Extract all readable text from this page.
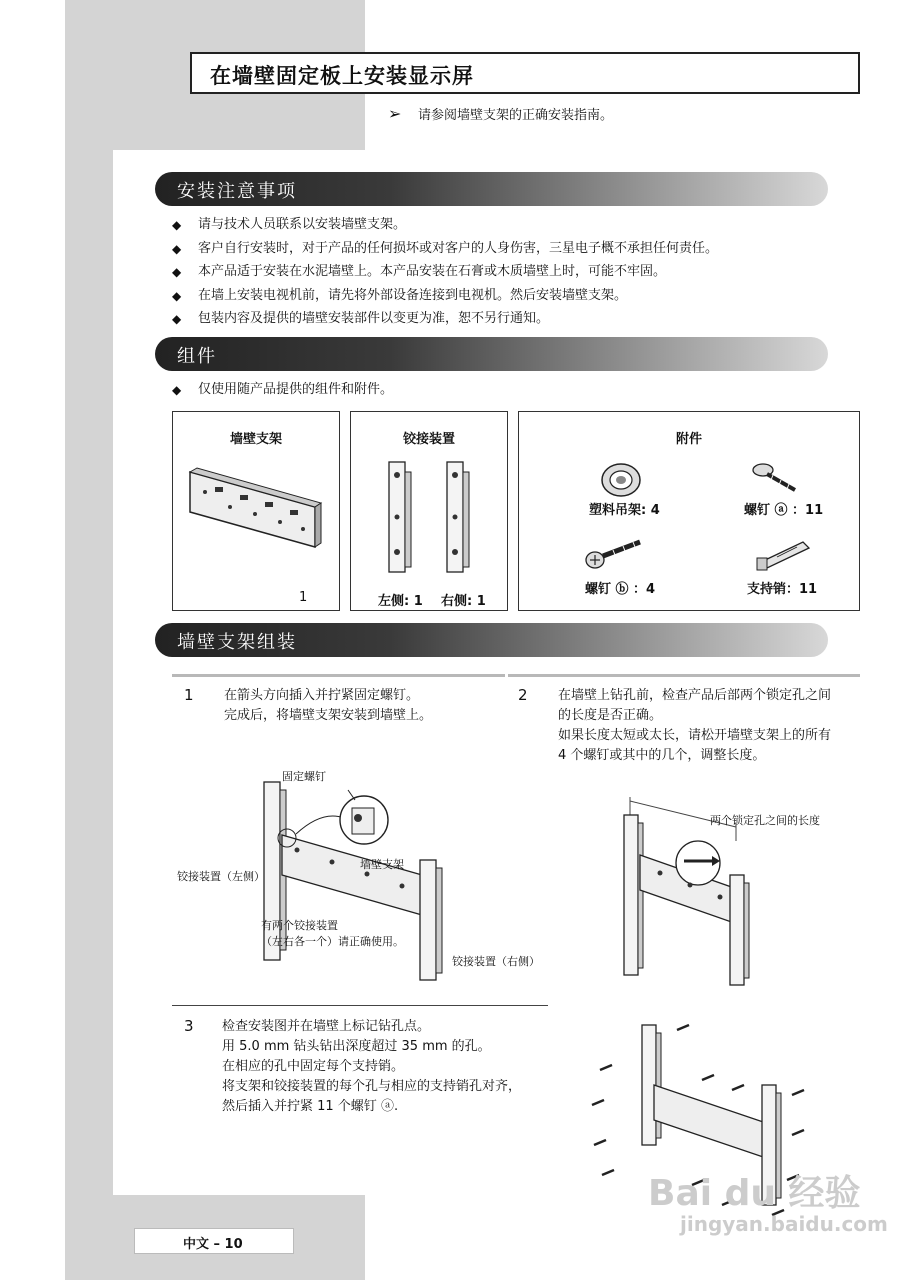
在墙壁固定板上安装显示屏
➢ 请参阅墙壁支架的正确安装指南。
安装注意事项
◆ 请与技术人员联系以安装墙壁支架。
◆ 客户自行安装时，对于产品的任何损坏或对客户的人身伤害，三星电子概不承担任何责任。
◆ 本产品适于安装在水泥墙壁上。本产品安装在石膏或木质墙壁上时，可能不牢固。
◆ 在墙上安装电视机前，请先将外部设备连接到电视机。然后安装墙壁支架。
◆ 包装内容及提供的墙壁安装部件以变更为准，恕不另行通知。
组件
◆ 仅使用随产品提供的组件和附件。
墙壁支架
1
铰接装置
左侧: 1 右侧: 1
附件
塑料吊架: 4	螺钉 ⓐ ：11
螺钉 ⓑ ：4	支持销：11
墙壁支架组装
1 在箭头方向插入并拧紧固定螺钉。
完成后，将墙壁支架安装到墙壁上。
2 在墙壁上钻孔前，检查产品后部两个锁定孔之间
的长度是否正确。
如果长度太短或太长，请松开墙壁支架上的所有
4 个螺钉或其中的几个，调整长度。
固定螺钉
墙壁支架
铰接装置（左侧）
有两个铰接装置
（左右各一个）请正确使用。
铰接装置（右侧）
两个锁定孔之间的长度
3 检查安装图并在墙壁上标记钻孔点。
用 5.0 mm 钻头钻出深度超过 35 mm 的孔。
在相应的孔中固定每个支持销。
将支架和铰接装置的每个孔与相应的支持销孔对齐，
然后插入并拧紧 11 个螺钉 ⓐ.
Bai du 经验
jingyan.baidu.com
中文 – 10
